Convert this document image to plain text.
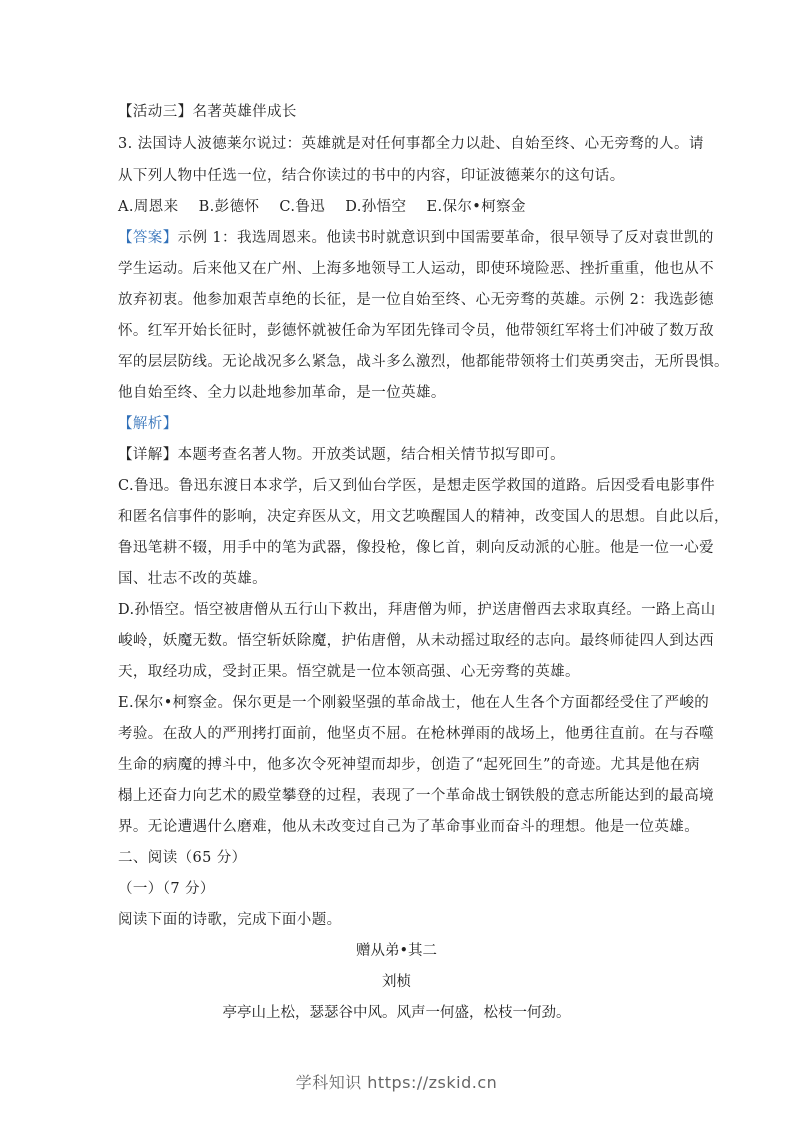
【活动三】名著英雄伴成长
3. 法国诗人波德莱尔说过：英雄就是对任何事都全力以赴、自始至终、心无旁骛的人。请
从下列人物中任选一位，结合你读过的书中的内容，印证波德莱尔的这句话。
A.周恩来    B.彭德怀    C.鲁迅    D.孙悟空    E.保尔•柯察金
【答案】示例 1：我选周恩来。他读书时就意识到中国需要革命，很早领导了反对袁世凯的
学生运动。后来他又在广州、上海多地领导工人运动，即使环境险恶、挫折重重，他也从不
放弃初衷。他参加艰苦卓绝的长征，是一位自始至终、心无旁骛的英雄。示例 2：我选彭德
怀。红军开始长征时，彭德怀就被任命为军团先锋司令员，他带领红军将士们冲破了数万敌
军的层层防线。无论战况多么紧急，战斗多么激烈，他都能带领将士们英勇突击，无所畏惧。
他自始至终、全力以赴地参加革命，是一位英雄。
【解析】
【详解】本题考查名著人物。开放类试题，结合相关情节拟写即可。
C.鲁迅。鲁迅东渡日本求学，后又到仙台学医，是想走医学救国的道路。后因受看电影事件
和匿名信事件的影响，决定弃医从文，用文艺唤醒国人的精神，改变国人的思想。自此以后，
鲁迅笔耕不辍，用手中的笔为武器，像投枪，像匕首，刺向反动派的心脏。他是一位一心爱
国、壮志不改的英雄。
D.孙悟空。悟空被唐僧从五行山下救出，拜唐僧为师，护送唐僧西去求取真经。一路上高山
峻岭，妖魔无数。悟空斩妖除魔，护佑唐僧，从未动摇过取经的志向。最终师徒四人到达西
天，取经功成，受封正果。悟空就是一位本领高强、心无旁骛的英雄。
E.保尔•柯察金。保尔更是一个刚毅坚强的革命战士，他在人生各个方面都经受住了严峻的
考验。在敌人的严刑拷打面前，他坚贞不屈。在枪林弹雨的战场上，他勇往直前。在与吞噬
生命的病魔的搏斗中，他多次令死神望而却步，创造了“起死回生”的奇迹。尤其是他在病
榻上还奋力向艺术的殿堂攀登的过程，表现了一个革命战士钢铁般的意志所能达到的最高境
界。无论遭遇什么磨难，他从未改变过自己为了革命事业而奋斗的理想。他是一位英雄。
二、阅读（65 分）
（一）（7 分）
阅读下面的诗歌，完成下面小题。
赠从弟•其二
刘桢
亭亭山上松，瑟瑟谷中风。风声一何盛，松枝一何劲。
学科知识 https://zskid.cn
